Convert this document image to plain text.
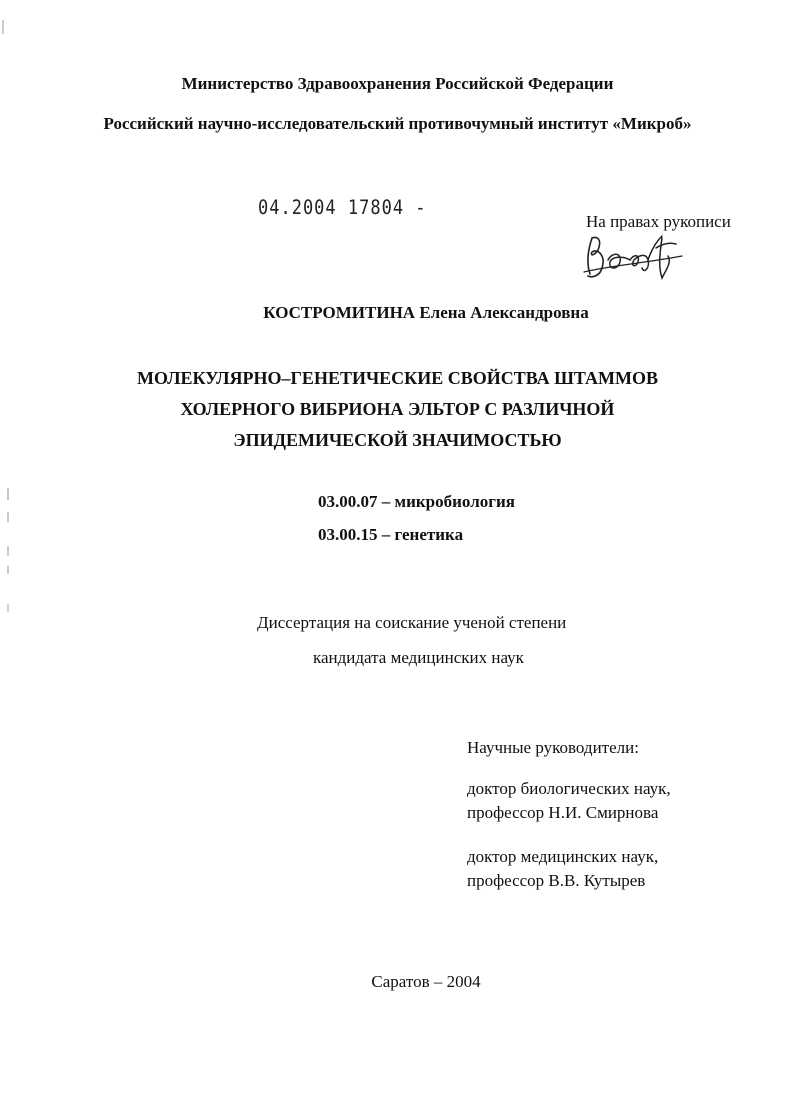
Министерство Здравоохранения Российской Федерации
Российский научно-исследовательский противочумный институт «Микроб»
04.2004 17804 -
На правах рукописи
КОСТРОМИТИНА Елена Александровна
МОЛЕКУЛЯРНО–ГЕНЕТИЧЕСКИЕ СВОЙСТВА ШТАММОВ
ХОЛЕРНОГО ВИБРИОНА ЭЛЬТОР С РАЗЛИЧНОЙ
ЭПИДЕМИЧЕСКОЙ ЗНАЧИМОСТЬЮ
03.00.07 – микробиология
03.00.15 – генетика
Диссертация на соискание ученой степени
кандидата медицинских наук
Научные руководители:
доктор биологических наук,
профессор Н.И. Смирнова
доктор медицинских наук,
профессор В.В. Кутырев
Саратов – 2004
